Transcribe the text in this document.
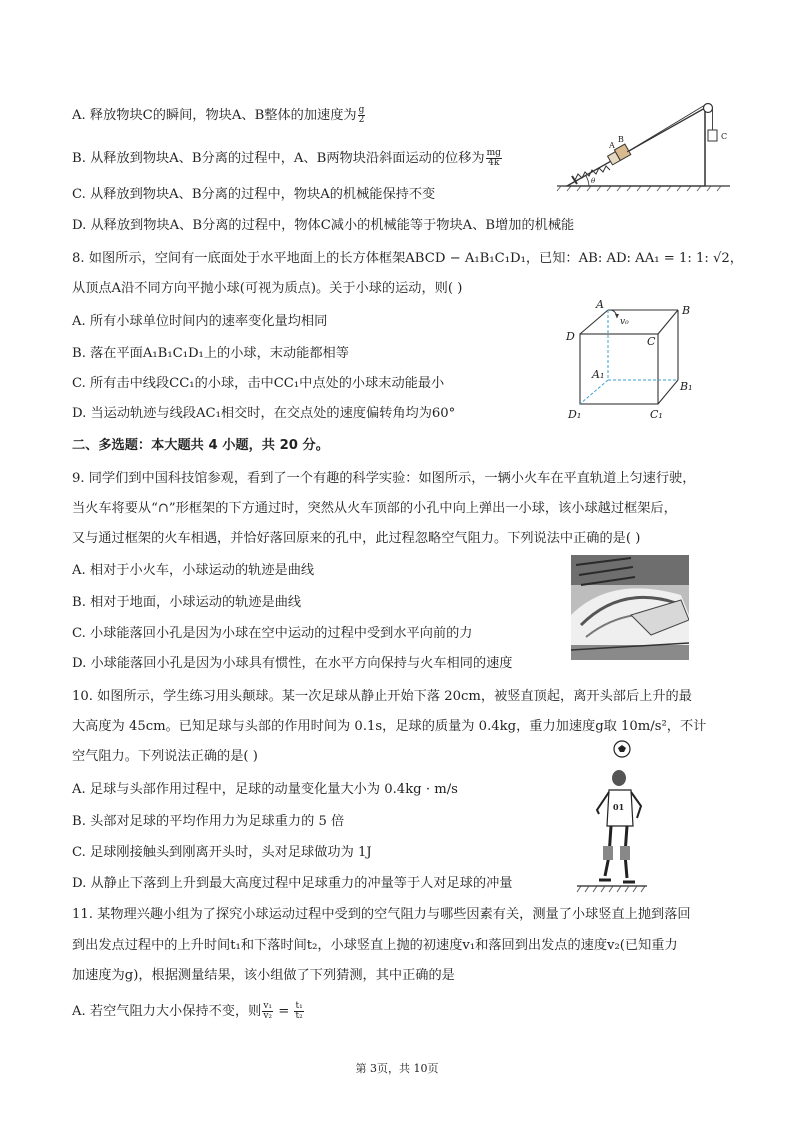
A. 释放物块C的瞬间，物块A、B整体的加速度为 $\frac{g}{2}$
B. 从释放到物块A、B分离的过程中，A、B两物块沿斜面运动的位移为 $\frac{mg}{4k}$
C. 从释放到物块A、B分离的过程中，物块A的机械能保持不变
D. 从释放到物块A、B分离的过程中，物体C减小的机械能等于物块A、B增加的机械能
A
B	C
θ
8. 如图所示，空间有一底面处于水平地面上的长方体框架ABCD − A₁B₁C₁D₁，已知：AB: AD: AA₁ = 1: 1: √2，
从顶点A沿不同方向平抛小球(可视为质点)。关于小球的运动，则( )
A. 所有小球单位时间内的速率变化量均相同
B. 落在平面A₁B₁C₁D₁上的小球，末动能都相等
C. 所有击中线段CC₁的小球，击中CC₁中点处的小球末动能最小
D. 当运动轨迹与线段AC₁相交时，在交点处的速度偏转角均为60°
A	B
C
D
A₁
B₁
C₁
D₁
v₀
二、多选题：本大题共 4 小题，共 20 分。
9. 同学们到中国科技馆参观，看到了一个有趣的科学实验：如图所示，一辆小火车在平直轨道上匀速行驶，
当火车将要从“∩”形框架的下方通过时，突然从火车顶部的小孔中向上弹出一小球，该小球越过框架后，
又与通过框架的火车相遇，并恰好落回原来的孔中，此过程忽略空气阻力。下列说法中正确的是( )
A. 相对于小火车，小球运动的轨迹是曲线
B. 相对于地面，小球运动的轨迹是曲线
C. 小球能落回小孔是因为小球在空中运动的过程中受到水平向前的力
D. 小球能落回小孔是因为小球具有惯性，在水平方向保持与火车相同的速度
10. 如图所示，学生练习用头颠球。某一次足球从静止开始下落 20cm，被竖直顶起，离开头部后上升的最
大高度为 45cm。已知足球与头部的作用时间为 0.1s，足球的质量为 0.4kg，重力加速度g取 10m/s²，不计
空气阻力。下列说法正确的是( )
A. 足球与头部作用过程中，足球的动量变化量大小为 0.4kg · m/s
B. 头部对足球的平均作用力为足球重力的 5 倍
C. 足球刚接触头到刚离开头时，头对足球做功为 1J
D. 从静止下落到上升到最大高度过程中足球重力的冲量等于人对足球的冲量
01
11. 某物理兴趣小组为了探究小球运动过程中受到的空气阻力与哪些因素有关，测量了小球竖直上抛到落回
到出发点过程中的上升时间t₁和下落时间t₂，小球竖直上抛的初速度v₁和落回到出发点的速度v₂(已知重力
加速度为g)，根据测量结果，该小组做了下列猜测，其中正确的是
A. 若空气阻力大小保持不变，则 $\frac{\text{v₁}}{\text{v₂}} = \frac{\text{t₁}}{\text{t₂}}$
第 3页，共 10页
